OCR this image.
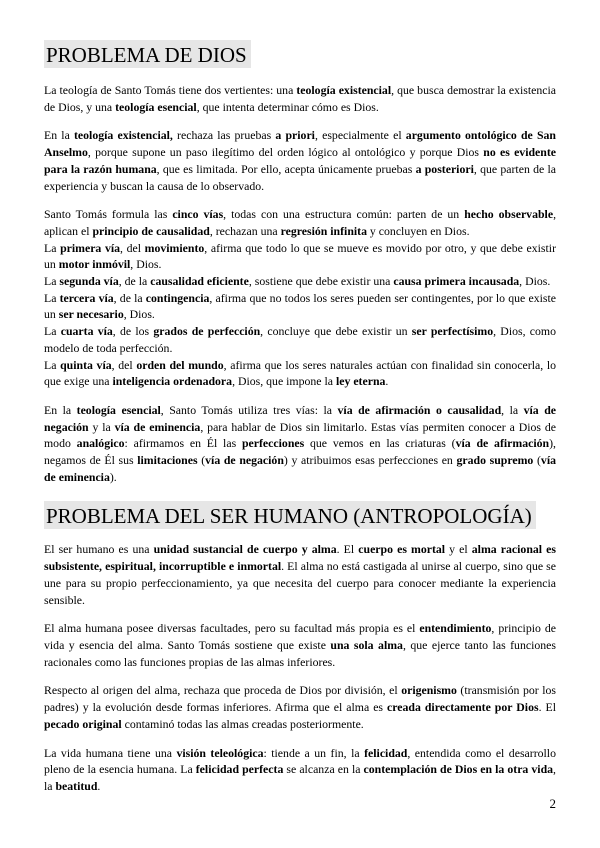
PROBLEMA DE DIOS

La teología de Santo Tomás tiene dos vertientes: una teología existencial, que busca demostrar la existencia de Dios, y una teología esencial, que intenta determinar cómo es Dios.

En la teología existencial, rechaza las pruebas a priori, especialmente el argumento ontológico de San Anselmo, porque supone un paso ilegítimo del orden lógico al ontológico y porque Dios no es evidente para la razón humana, que es limitada. Por ello, acepta únicamente pruebas a posteriori, que parten de la experiencia y buscan la causa de lo observado.

Santo Tomás formula las cinco vías, todas con una estructura común: parten de un hecho observable, aplican el principio de causalidad, rechazan una regresión infinita y concluyen en Dios.

La primera vía, del movimiento, afirma que todo lo que se mueve es movido por otro, y que debe existir un motor inmóvil, Dios.

La segunda vía, de la causalidad eficiente, sostiene que debe existir una causa primera incausada, Dios.

La tercera vía, de la contingencia, afirma que no todos los seres pueden ser contingentes, por lo que existe un ser necesario, Dios.

La cuarta vía, de los grados de perfección, concluye que debe existir un ser perfectísimo, Dios, como modelo de toda perfección.

La quinta vía, del orden del mundo, afirma que los seres naturales actúan con finalidad sin conocerla, lo que exige una inteligencia ordenadora, Dios, que impone la ley eterna.

En la teología esencial, Santo Tomás utiliza tres vías: la vía de afirmación o causalidad, la vía de negación y la vía de eminencia, para hablar de Dios sin limitarlo. Estas vías permiten conocer a Dios de modo analógico: afirmamos en Él las perfecciones que vemos en las criaturas (vía de afirmación), negamos de Él sus limitaciones (vía de negación) y atribuimos esas perfecciones en grado supremo (vía de eminencia).

PROBLEMA DEL SER HUMANO (ANTROPOLOGÍA)

El ser humano es una unidad sustancial de cuerpo y alma. El cuerpo es mortal y el alma racional es subsistente, espiritual, incorruptible e inmortal. El alma no está castigada al unirse al cuerpo, sino que se une para su propio perfeccionamiento, ya que necesita del cuerpo para conocer mediante la experiencia sensible.

El alma humana posee diversas facultades, pero su facultad más propia es el entendimiento, principio de vida y esencia del alma. Santo Tomás sostiene que existe una sola alma, que ejerce tanto las funciones racionales como las funciones propias de las almas inferiores.

Respecto al origen del alma, rechaza que proceda de Dios por división, el origenismo (transmisión por los padres) y la evolución desde formas inferiores. Afirma que el alma es creada directamente por Dios. El pecado original contaminó todas las almas creadas posteriormente.

La vida humana tiene una visión teleológica: tiende a un fin, la felicidad, entendida como el desarrollo pleno de la esencia humana. La felicidad perfecta se alcanza en la contemplación de Dios en la otra vida, la beatitud.

2
